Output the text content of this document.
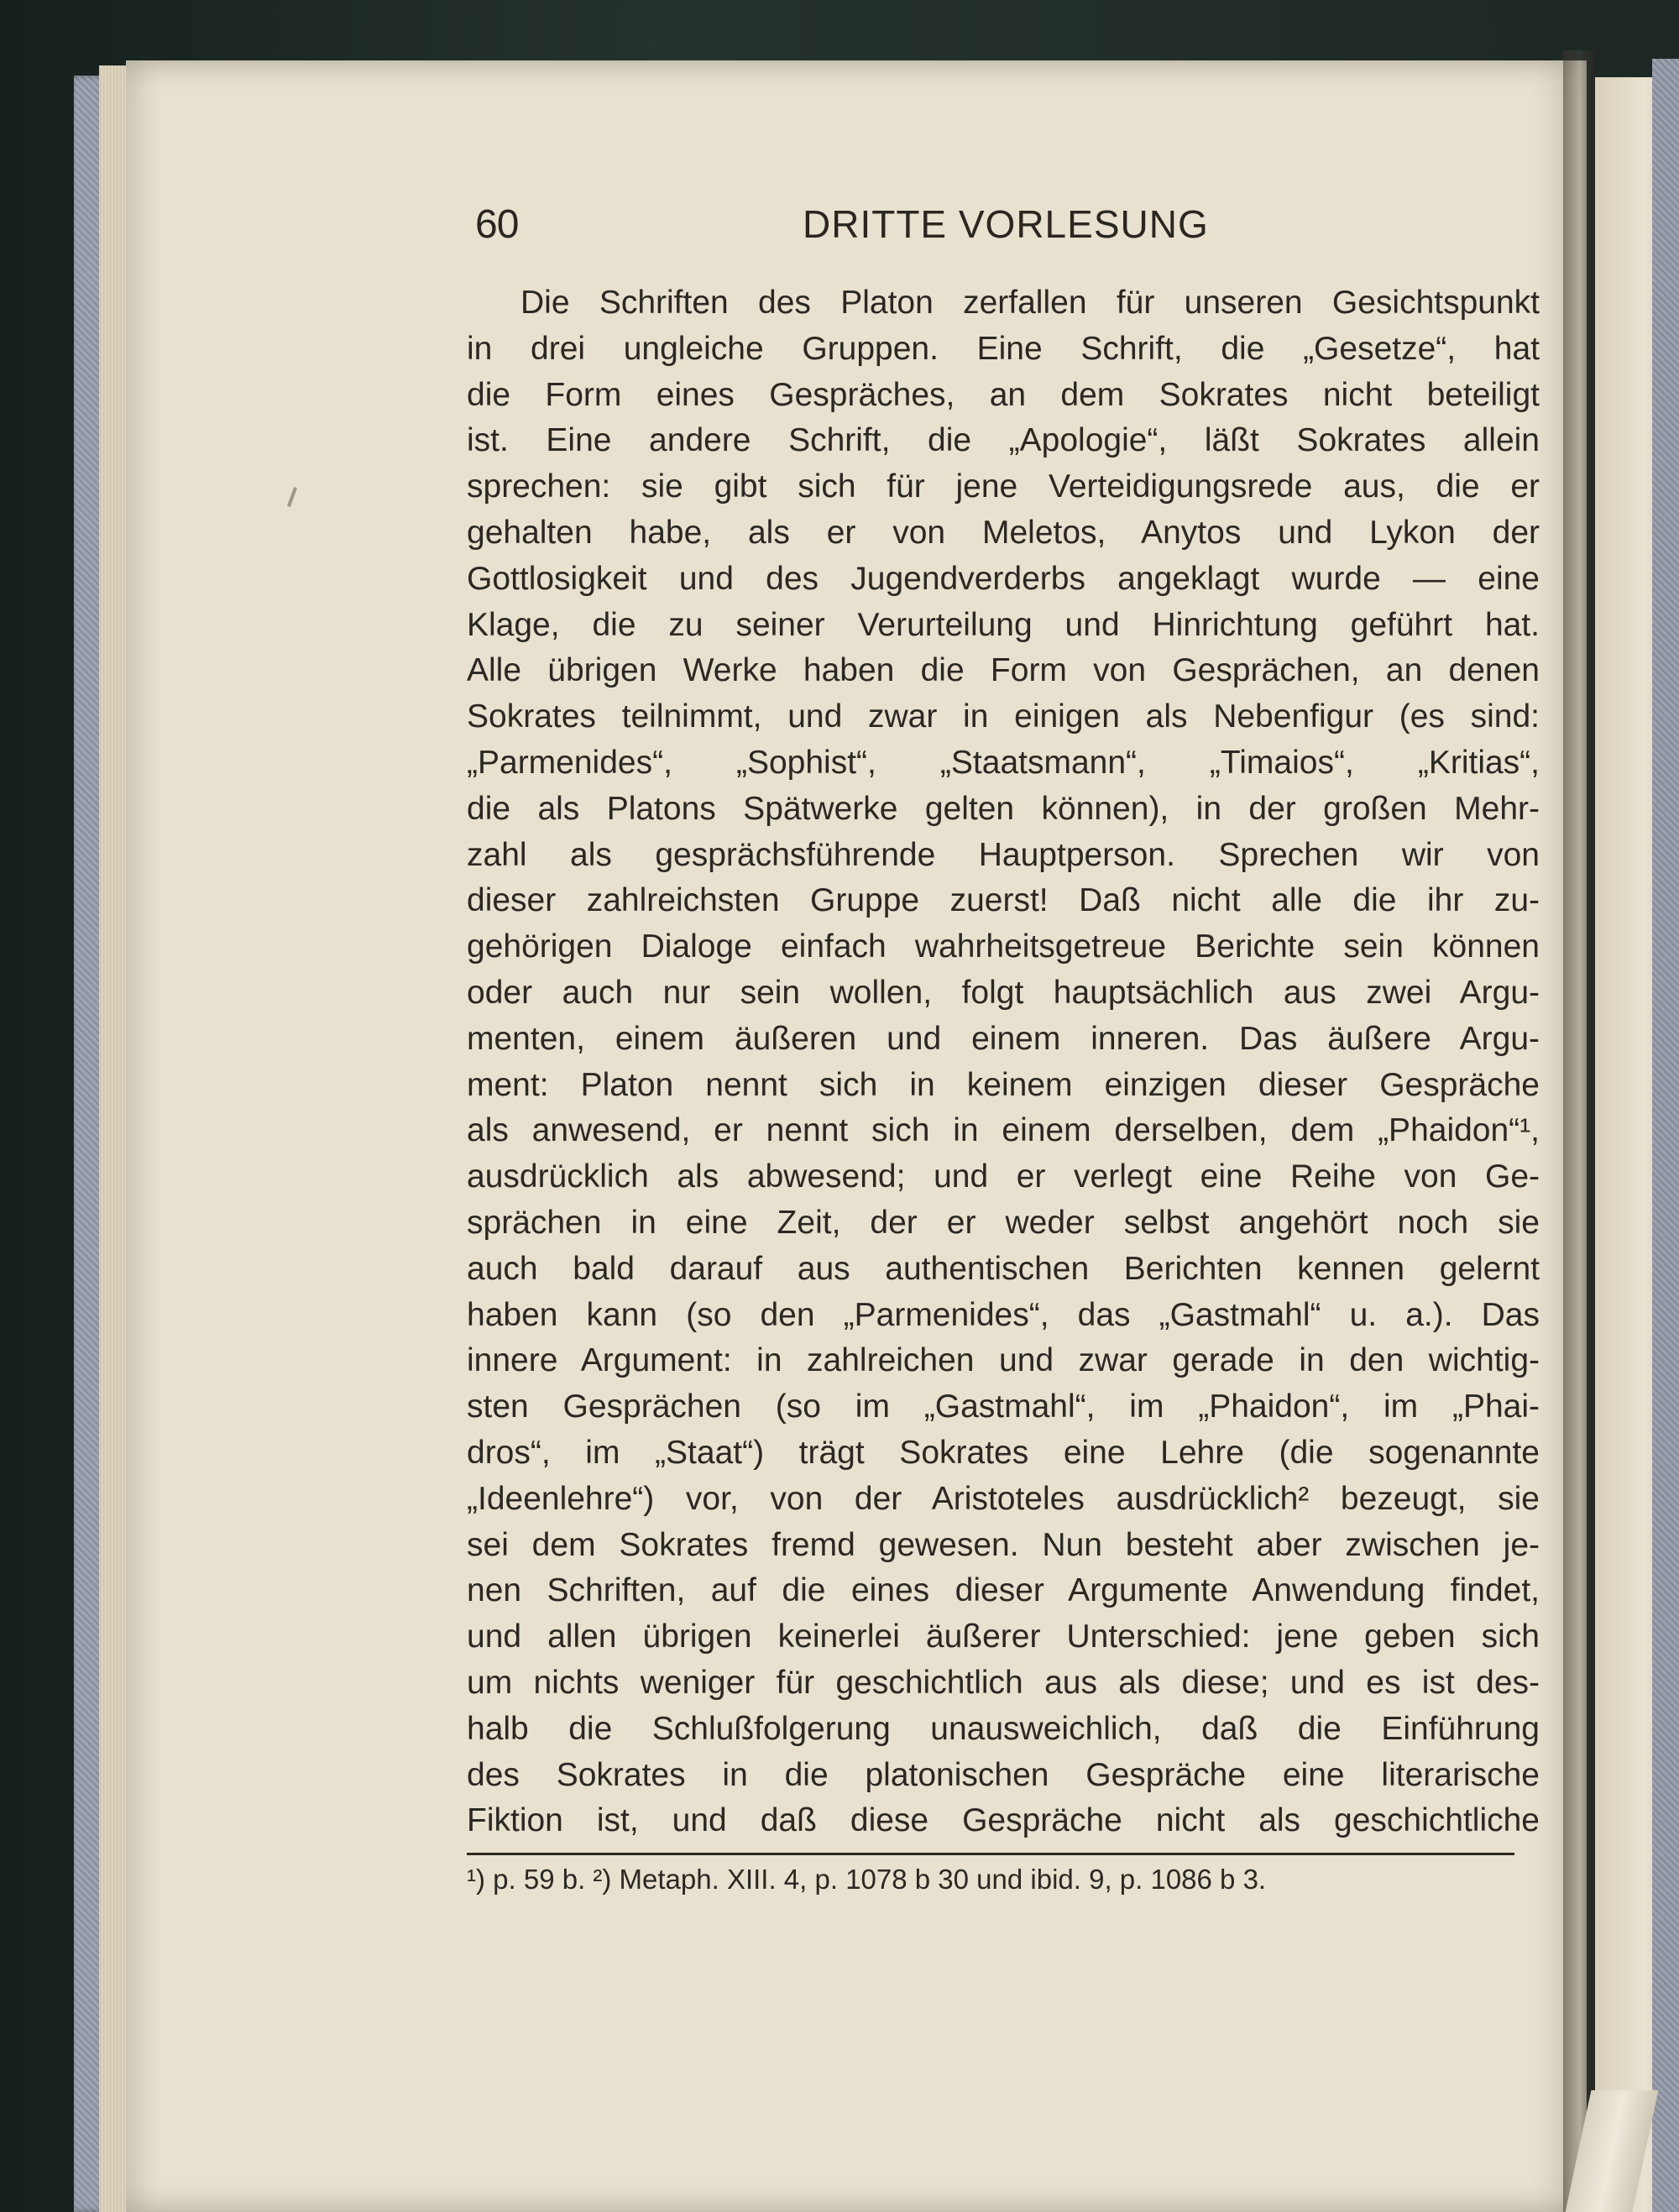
60	DRITTE VORLESUNG
Die Schriften des Platon zerfallen für unseren Gesichtspunkt
in drei ungleiche Gruppen. Eine Schrift, die „Gesetze“, hat
die Form eines Gespräches, an dem Sokrates nicht beteiligt
ist. Eine andere Schrift, die „Apologie“, läßt Sokrates allein
sprechen: sie gibt sich für jene Verteidigungsrede aus, die er
gehalten habe, als er von Meletos, Anytos und Lykon der
Gottlosigkeit und des Jugendverderbs angeklagt wurde — eine
Klage, die zu seiner Verurteilung und Hinrichtung geführt hat.
Alle übrigen Werke haben die Form von Gesprächen, an denen
Sokrates teilnimmt, und zwar in einigen als Nebenfigur (es sind:
„Parmenides“, „Sophist“, „Staatsmann“, „Timaios“, „Kritias“,
die als Platons Spätwerke gelten können), in der großen Mehr-
zahl als gesprächsführende Hauptperson. Sprechen wir von
dieser zahlreichsten Gruppe zuerst! Daß nicht alle die ihr zu-
gehörigen Dialoge einfach wahrheitsgetreue Berichte sein können
oder auch nur sein wollen, folgt hauptsächlich aus zwei Argu-
menten, einem äußeren und einem inneren. Das äußere Argu-
ment: Platon nennt sich in keinem einzigen dieser Gespräche
als anwesend, er nennt sich in einem derselben, dem „Phaidon“¹,
ausdrücklich als abwesend; und er verlegt eine Reihe von Ge-
sprächen in eine Zeit, der er weder selbst angehört noch sie
auch bald darauf aus authentischen Berichten kennen gelernt
haben kann (so den „Parmenides“, das „Gastmahl“ u. a.). Das
innere Argument: in zahlreichen und zwar gerade in den wichtig-
sten Gesprächen (so im „Gastmahl“, im „Phaidon“, im „Phai-
dros“, im „Staat“) trägt Sokrates eine Lehre (die sogenannte
„Ideenlehre“) vor, von der Aristoteles ausdrücklich² bezeugt, sie
sei dem Sokrates fremd gewesen. Nun besteht aber zwischen je-
nen Schriften, auf die eines dieser Argumente Anwendung findet,
und allen übrigen keinerlei äußerer Unterschied: jene geben sich
um nichts weniger für geschichtlich aus als diese; und es ist des-
halb die Schlußfolgerung unausweichlich, daß die Einführung
des Sokrates in die platonischen Gespräche eine literarische
Fiktion ist, und daß diese Gespräche nicht als geschichtliche
¹) p. 59 b. ²) Metaph. XIII. 4, p. 1078 b 30 und ibid. 9, p. 1086 b 3.
